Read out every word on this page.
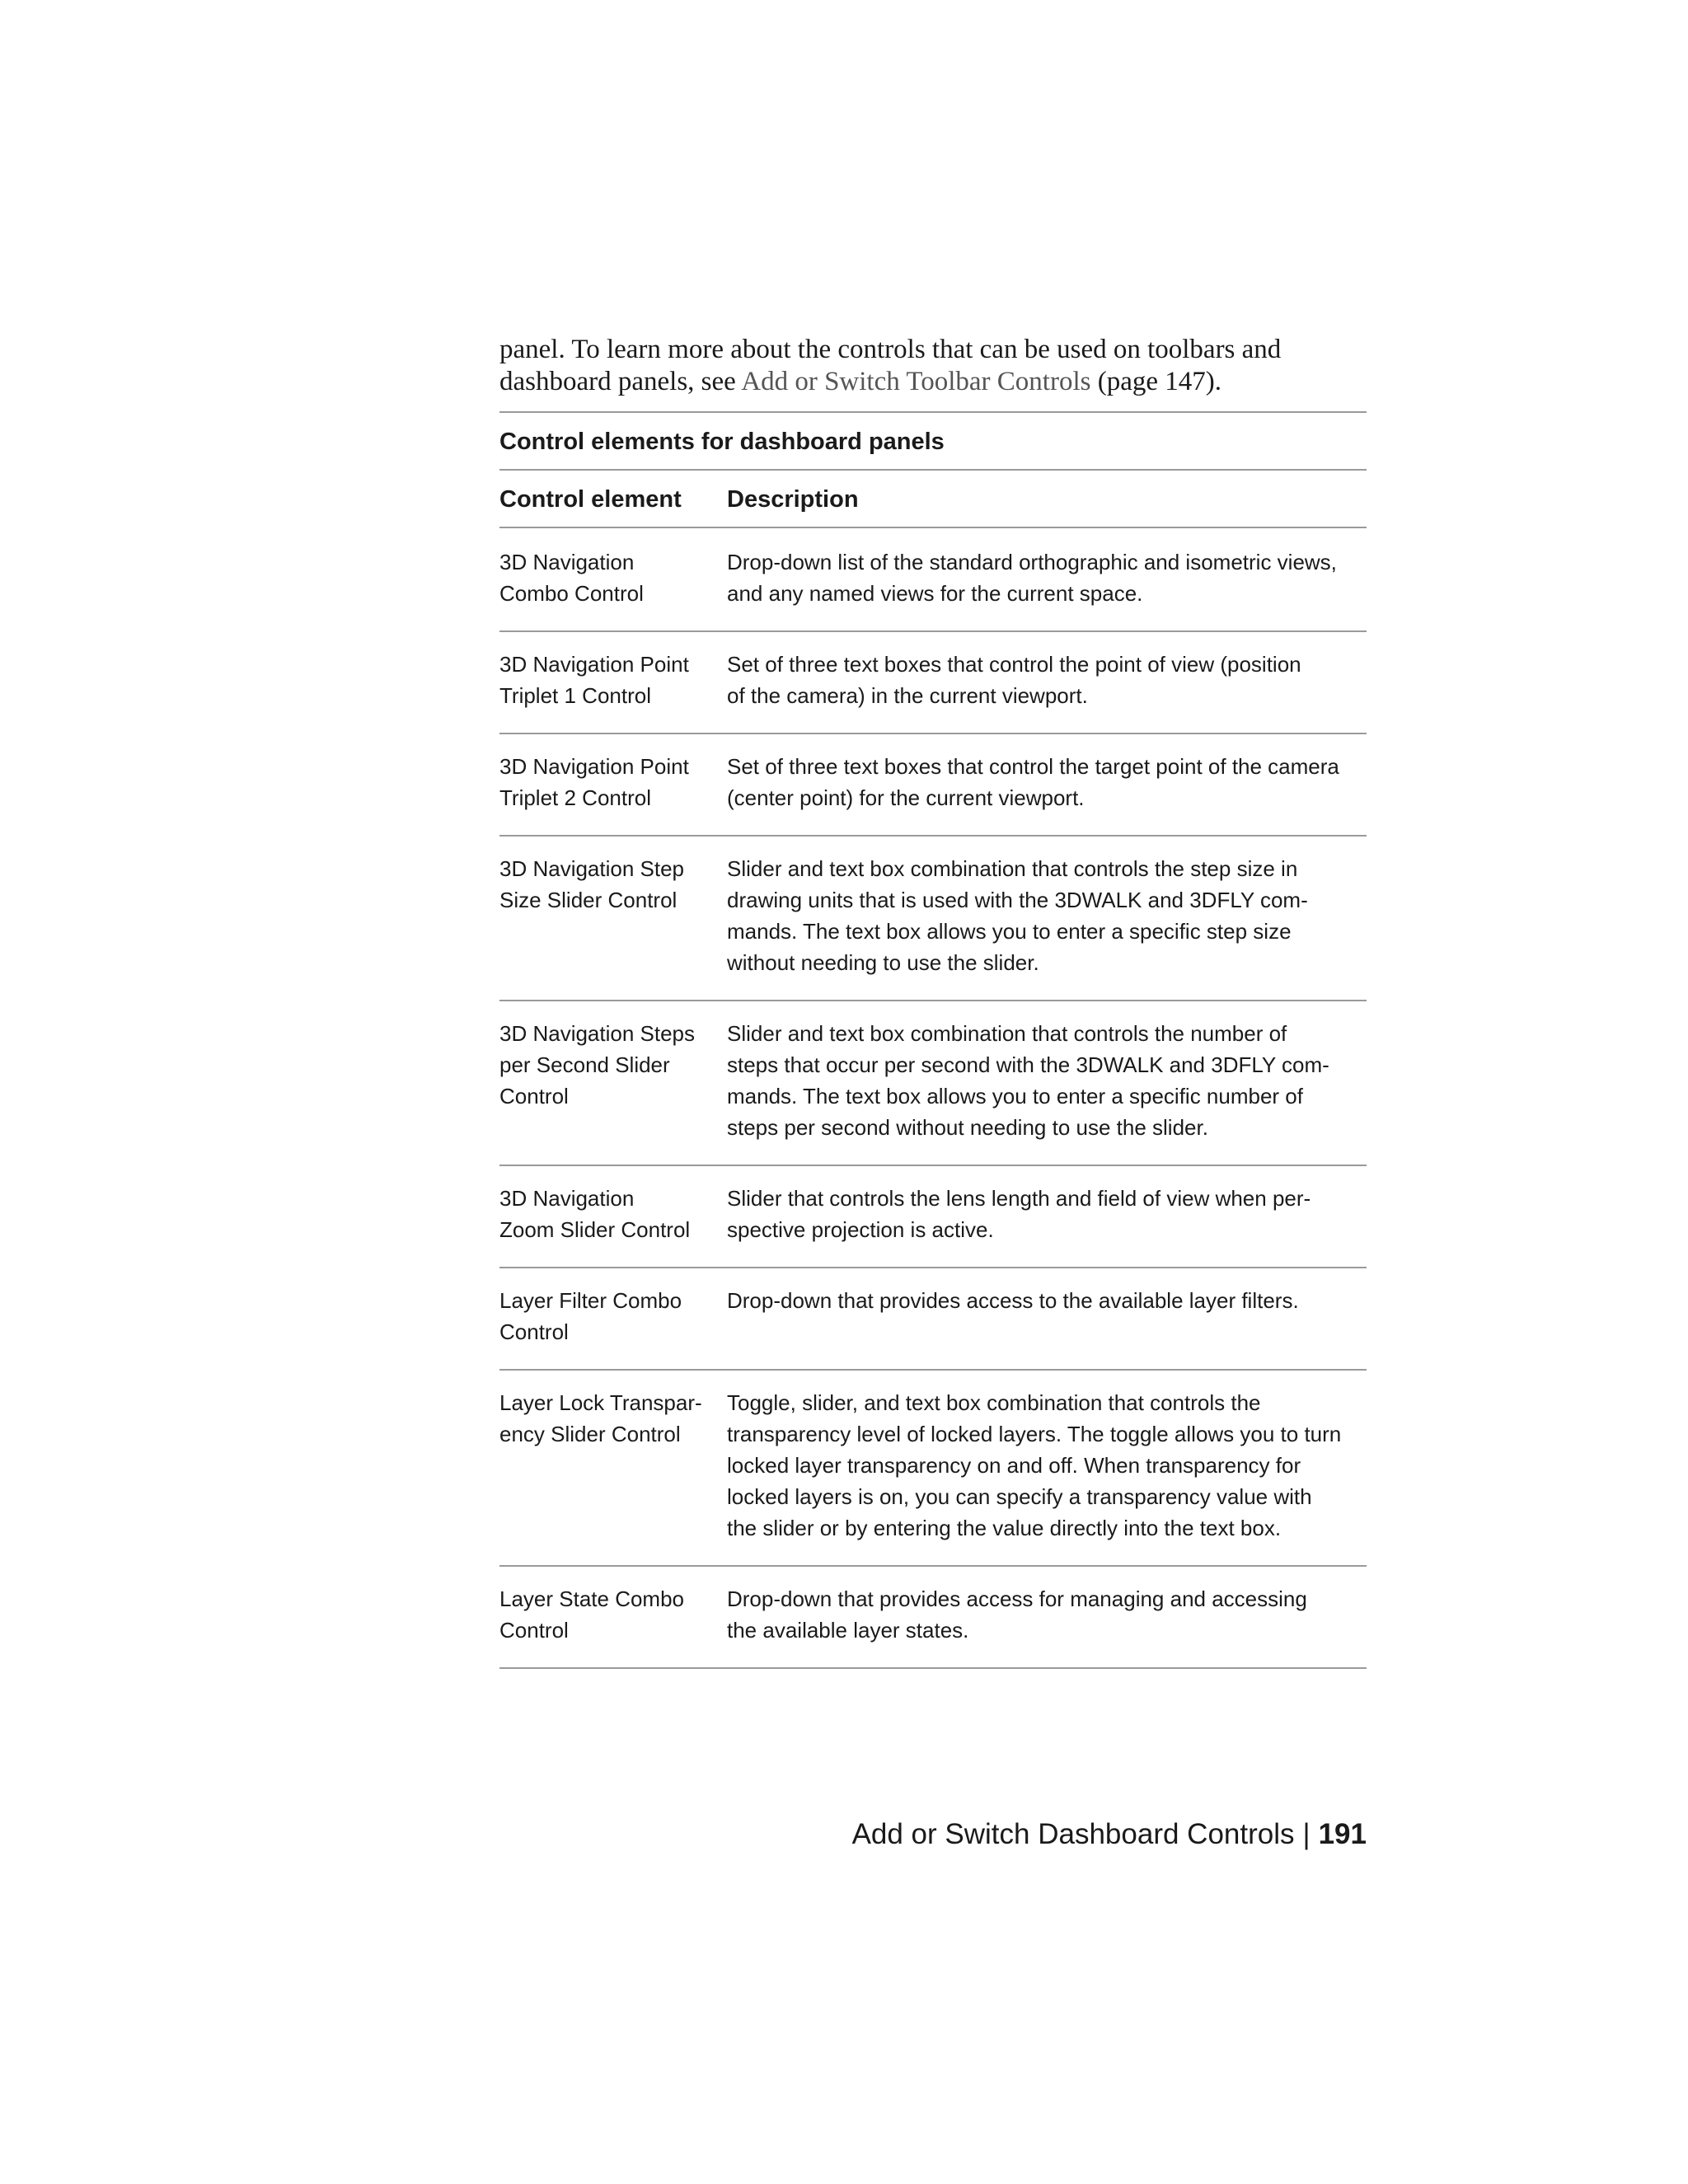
panel. To learn more about the controls that can be used on toolbars and dashboard panels, see Add or Switch Toolbar Controls (page 147).

Control elements for dashboard panels
Control element	Description
3D Navigation
Combo Control
Drop-down list of the standard orthographic and isometric views,
and any named views for the current space.
3D Navigation Point
Triplet 1 Control
Set of three text boxes that control the point of view (position
of the camera) in the current viewport.
3D Navigation Point
Triplet 2 Control
Set of three text boxes that control the target point of the camera
(center point) for the current viewport.
3D Navigation Step
Size Slider Control
Slider and text box combination that controls the step size in
drawing units that is used with the 3DWALK and 3DFLY com-
mands. The text box allows you to enter a specific step size
without needing to use the slider.
3D Navigation Steps
per Second Slider
Control
Slider and text box combination that controls the number of
steps that occur per second with the 3DWALK and 3DFLY com-
mands. The text box allows you to enter a specific number of
steps per second without needing to use the slider.
3D Navigation
Zoom Slider Control
Slider that controls the lens length and field of view when per-
spective projection is active.
Layer Filter Combo
Control
Drop-down that provides access to the available layer filters.
Layer Lock Transpar-
ency Slider Control
Toggle, slider, and text box combination that controls the
transparency level of locked layers. The toggle allows you to turn
locked layer transparency on and off. When transparency for
locked layers is on, you can specify a transparency value with
the slider or by entering the value directly into the text box.
Layer State Combo
Control
Drop-down that provides access for managing and accessing
the available layer states.
Add or Switch Dashboard Controls | 191
